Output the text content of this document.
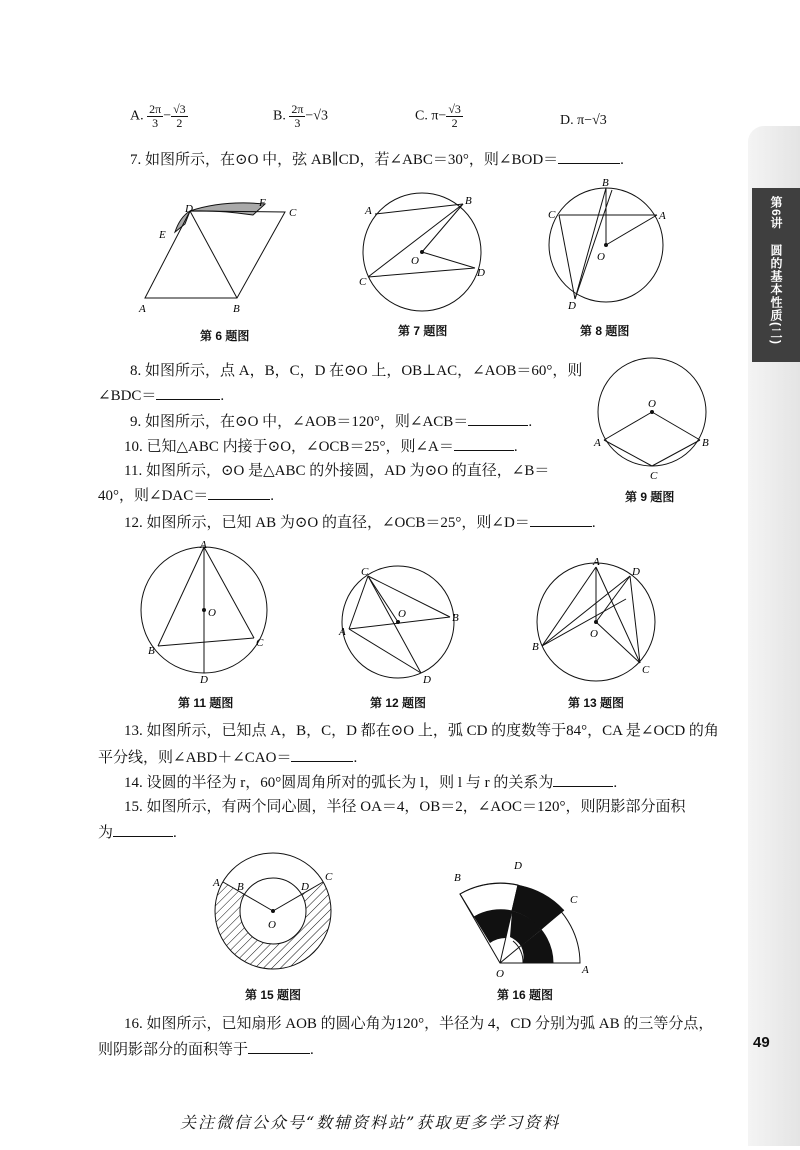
第6讲
圆的基本性质(二)
49
A. $\frac{2\pi}{3} - \frac{√3}{2}$	B. $\frac{2\pi}{3} -√3$	C. $\pi- \frac{√3}{2}$	D. π−√3
7. 如图所示，在⊙O 中，弦 AB∥CD，若∠ABC＝30°，则∠BOD＝	.
D	F
C
E
A	B
第 6 题图
A
B
O
C
D
第 7 题图
B
C	A
O
D
第 8 题图
8. 如图所示，点 A，B，C，D 在⊙O 上，OB⊥AC，∠AOB＝60°，则
∠BDC＝	.
9. 如图所示，在⊙O 中，∠AOB＝120°，则∠ACB＝	.
10. 已知△ABC 内接于⊙O，∠OCB＝25°，则∠A＝	.
11. 如图所示，⊙O 是△ABC 的外接圆，AD 为⊙O 的直径，∠B＝
40°，则∠DAC＝	.
12. 如图所示，已知 AB 为⊙O 的直径，∠OCB＝25°，则∠D＝	.
O
A	B
C
第 9 题图
A
O
C
B
D
第 11 题图
C
O	B
A
D
第 12 题图
A
D
O
B
C
第 13 题图
13. 如图所示，已知点 A，B，C，D 都在⊙O 上，弧 CD 的度数等于84°，CA 是∠OCD 的角
平分线，则∠ABD＋∠CAO＝	.
14. 设圆的半径为 r，60°圆周角所对的弧长为 l，则 l 与 r 的关系为	.
15. 如图所示，有两个同心圆，半径 OA＝4，OB＝2，∠AOC＝120°，则阴影部分面积
为	.
A B	D
C
O
第 15 题图
B
D
C
O	A
第 16 题图
16. 如图所示，已知扇形 AOB 的圆心角为120°，半径为 4，CD 分别为弧 AB 的三等分点，
则阴影部分的面积等于	.
关注微信公众号“数辅资料站”获取更多学习资料
